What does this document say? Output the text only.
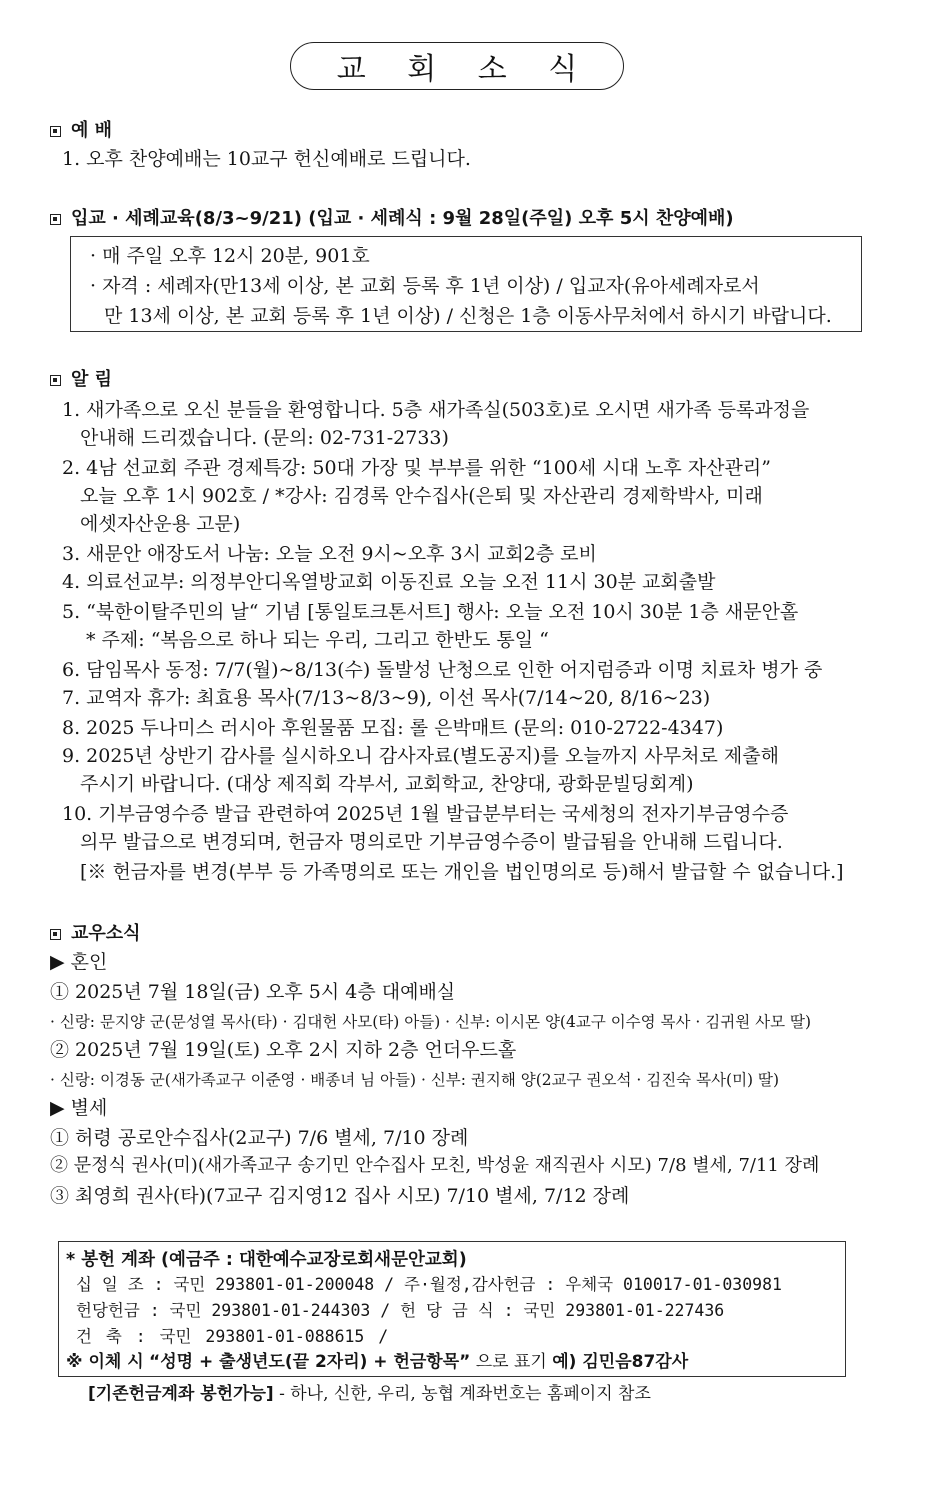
교 회 소 식
예 배
1. 오후 찬양예배는 10교구 헌신예배로 드립니다.
입교 · 세례교육(8/3~9/21) (입교 · 세례식 : 9월 28일(주일) 오후 5시 찬양예배)
· 매 주일 오후 12시 20분, 901호
· 자격 : 세례자(만13세 이상, 본 교회 등록 후 1년 이상) / 입교자(유아세례자로서
만 13세 이상, 본 교회 등록 후 1년 이상) / 신청은 1층 이동사무처에서 하시기 바랍니다.
알 림
1. 새가족으로 오신 분들을 환영합니다. 5층 새가족실(503호)로 오시면 새가족 등록과정을
안내해 드리겠습니다. (문의: 02-731-2733)
2. 4남 선교회 주관 경제특강: 50대 가장 및 부부를 위한 “100세 시대 노후 자산관리”
오늘 오후 1시 902호 / *강사: 김경록 안수집사(은퇴 및 자산관리 경제학박사, 미래
에셋자산운용 고문)
3. 새문안 애장도서 나눔: 오늘 오전 9시~오후 3시 교회2층 로비
4. 의료선교부: 의정부안디옥열방교회 이동진료 오늘 오전 11시 30분 교회출발
5. “북한이탈주민의 날“ 기념 [통일토크톤서트] 행사: 오늘 오전 10시 30분 1층 새문안홀
* 주제: “복음으로 하나 되는 우리, 그리고 한반도 통일 “
6. 담임목사 동정: 7/7(월)~8/13(수) 돌발성 난청으로 인한 어지럼증과 이명 치료차 병가 중
7. 교역자 휴가: 최효용 목사(7/13~8/3~9), 이선 목사(7/14~20, 8/16~23)
8. 2025 두나미스 러시아 후원물품 모집: 롤 은박매트 (문의: 010-2722-4347)
9. 2025년 상반기 감사를 실시하오니 감사자료(별도공지)를 오늘까지 사무처로 제출해
주시기 바랍니다. (대상 제직회 각부서, 교회학교, 찬양대, 광화문빌딩회계)
10. 기부금영수증 발급 관련하여 2025년 1월 발급분부터는 국세청의 전자기부금영수증
의무 발급으로 변경되며, 헌금자 명의로만 기부금영수증이 발급됨을 안내해 드립니다.
[※ 헌금자를 변경(부부 등 가족명의로 또는 개인을 법인명의로 등)해서 발급할 수 없습니다.]
교우소식
▶ 혼인
① 2025년 7월 18일(금) 오후 5시 4층 대예배실
· 신랑: 문지양 군(문성열 목사(타) · 김대헌 사모(타) 아들) · 신부: 이시몬 양(4교구 이수영 목사 · 김귀원 사모 딸)
② 2025년 7월 19일(토) 오후 2시 지하 2층 언더우드홀
· 신랑: 이경동 군(새가족교구 이준영 · 배종녀 님 아들) · 신부: 권지해 양(2교구 권오석 · 김진숙 목사(미) 딸)
▶ 별세
① 허령 공로안수집사(2교구) 7/6 별세, 7/10 장례
② 문정식 권사(미)(새가족교구 송기민 안수집사 모친, 박성윤 재직권사 시모) 7/8 별세, 7/11 장례
③ 최영희 권사(타)(7교구 김지영12 집사 시모) 7/10 별세, 7/12 장례
* 봉헌 계좌 (예금주 : 대한예수교장로회새문안교회)
십 일 조 : 국민 293801-01-200048 / 주·월정,감사헌금 : 우체국 010017-01-030981
헌당헌금 : 국민 293801-01-244303 / 헌 당 금 식 : 국민 293801-01-227436
건 축 : 국민 293801-01-088615 /
※ 이체 시 “성명 + 출생년도(끝 2자리) + 헌금항목” 으로 표기 예) 김민음87감사
[기존헌금계좌 봉헌가능] - 하나, 신한, 우리, 농협 계좌번호는 홈페이지 참조
